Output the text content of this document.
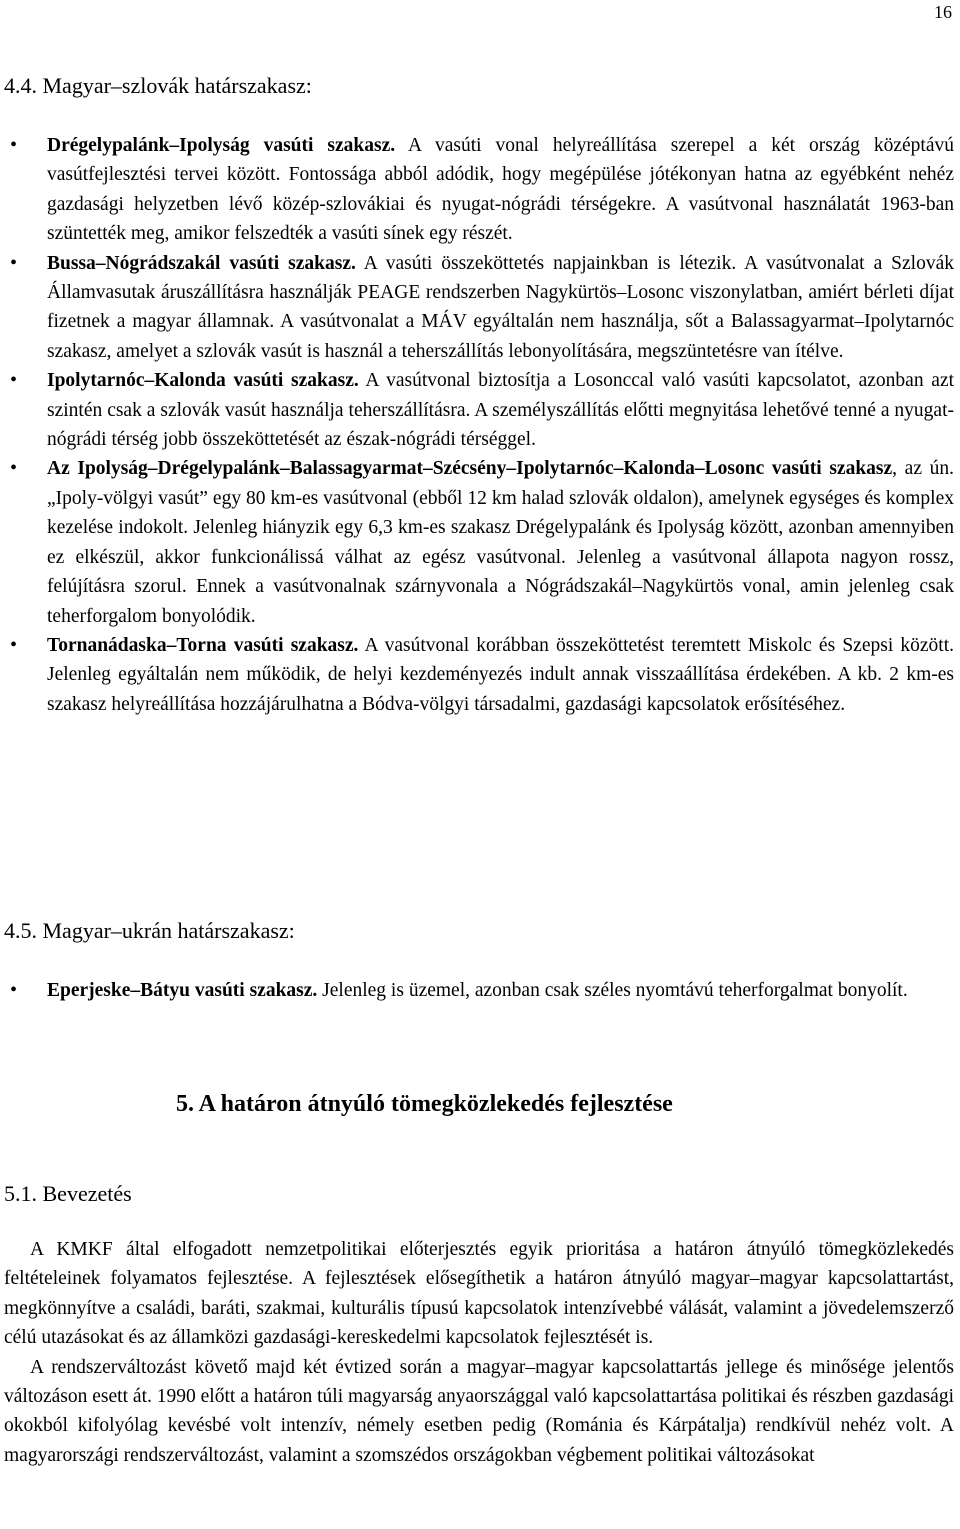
16
4.4. Magyar–szlovák határszakasz:
• Drégelypalánk–Ipolyság vasúti szakasz. A vasúti vonal helyreállítása szerepel a két ország középtávú vasútfejlesztési tervei között. Fontossága abból adódik, hogy megépülése jótékonyan hatna az egyébként nehéz gazdasági helyzetben lévő közép-szlovákiai és nyugat-nógrádi térségekre. A vasútvonal használatát 1963-ban szüntették meg, amikor felszedték a vasúti sínek egy részét.
• Bussa–Nógrádszakál vasúti szakasz. A vasúti összeköttetés napjainkban is létezik. A vasútvonalat a Szlovák Államvasutak áruszállításra használják PEAGE rendszerben Nagykürtös–Losonc viszonylatban, amiért bérleti díjat fizetnek a magyar államnak. A vasútvonalat a MÁV egyáltalán nem használja, sőt a Balassagyarmat–Ipolytarnóc szakasz, amelyet a szlovák vasút is használ a teherszállítás lebonyolítására, megszüntetésre van ítélve.
• Ipolytarnóc–Kalonda vasúti szakasz. A vasútvonal biztosítja a Losonccal való vasúti kapcsolatot, azonban azt szintén csak a szlovák vasút használja teherszállításra. A személyszállítás előtti megnyitása lehetővé tenné a nyugat-nógrádi térség jobb összeköttetését az észak-nógrádi térséggel.
• Az Ipolyság–Drégelypalánk–Balassagyarmat–Szécsény–Ipolytarnóc–Kalonda–Losonc vasúti szakasz, az ún. „Ipoly-völgyi vasút” egy 80 km-es vasútvonal (ebből 12 km halad szlovák oldalon), amelynek egységes és komplex kezelése indokolt. Jelenleg hiányzik egy 6,3 km-es szakasz Drégelypalánk és Ipolyság között, azonban amennyiben ez elkészül, akkor funkcionálissá válhat az egész vasútvonal. Jelenleg a vasútvonal állapota nagyon rossz, felújításra szorul. Ennek a vasútvonalnak szárnyvonala a Nógrádszakál–Nagykürtös vonal, amin jelenleg csak teherforgalom bonyolódik.
• Tornanádaska–Torna vasúti szakasz. A vasútvonal korábban összeköttetést teremtett Miskolc és Szepsi között. Jelenleg egyáltalán nem működik, de helyi kezdeményezés indult annak visszaállítása érdekében. A kb. 2 km-es szakasz helyreállítása hozzájárulhatna a Bódva-völgyi társadalmi, gazdasági kapcsolatok erősítéséhez.
4.5. Magyar–ukrán határszakasz:
• Eperjeske–Bátyu vasúti szakasz. Jelenleg is üzemel, azonban csak széles nyomtávú teherforgalmat bonyolít.
5. A határon átnyúló tömegközlekedés fejlesztése
5.1. Bevezetés

A KMKF által elfogadott nemzetpolitikai előterjesztés egyik prioritása a határon átnyúló tömegközlekedés feltételeinek folyamatos fejlesztése. A fejlesztések elősegíthetik a határon átnyúló magyar–magyar kapcsolattartást, megkönnyítve a családi, baráti, szakmai, kulturális típusú kapcsolatok intenzívebbé válását, valamint a jövedelemszerző célú utazásokat és az államközi gazdasági-kereskedelmi kapcsolatok fejlesztését is.

A rendszerváltozást követő majd két évtized során a magyar–magyar kapcsolattartás jellege és minősége jelentős változáson esett át. 1990 előtt a határon túli magyarság anyaországgal való kapcsolattartása politikai és részben gazdasági okokból kifolyólag kevésbé volt intenzív, némely esetben pedig (Románia és Kárpátalja) rendkívül nehéz volt. A magyarországi rendszerváltozást, valamint a szomszédos országokban végbement politikai változásokat
